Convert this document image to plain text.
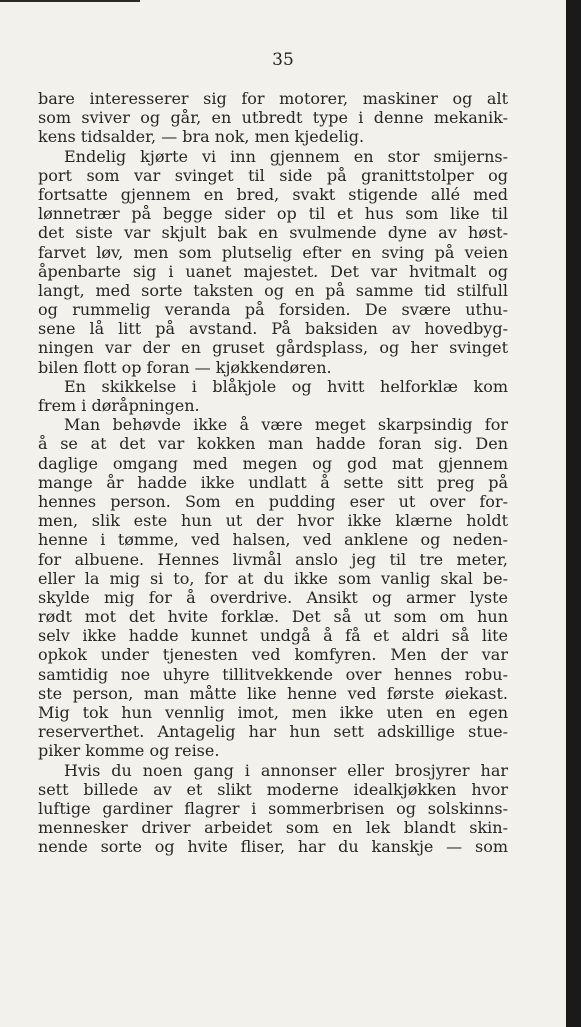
35
bare interesserer sig for motorer, maskiner og alt
som sviver og går, en utbredt type i denne mekanik-
kens tidsalder, — bra nok, men kjedelig.
Endelig kjørte vi inn gjennem en stor smijerns-
port som var svinget til side på granittstolper og
fortsatte gjennem en bred, svakt stigende allé med
lønnetrær på begge sider op til et hus som like til
det siste var skjult bak en svulmende dyne av høst-
farvet løv, men som plutselig efter en sving på veien
åpenbarte sig i uanet majestet. Det var hvitmalt og
langt, med sorte taksten og en på samme tid stilfull
og rummelig veranda på forsiden. De svære uthu-
sene lå litt på avstand. På baksiden av hovedbyg-
ningen var der en gruset gårdsplass, og her svinget
bilen flott op foran — kjøkkendøren.
En skikkelse i blåkjole og hvitt helforklæ kom
frem i døråpningen.
Man behøvde ikke å være meget skarpsindig for
å se at det var kokken man hadde foran sig. Den
daglige omgang med megen og god mat gjennem
mange år hadde ikke undlatt å sette sitt preg på
hennes person. Som en pudding eser ut over for-
men, slik este hun ut der hvor ikke klærne holdt
henne i tømme, ved halsen, ved anklene og neden-
for albuene. Hennes livmål anslo jeg til tre meter,
eller la mig si to, for at du ikke som vanlig skal be-
skylde mig for å overdrive. Ansikt og armer lyste
rødt mot det hvite forklæ. Det så ut som om hun
selv ikke hadde kunnet undgå å få et aldri så lite
opkok under tjenesten ved komfyren. Men der var
samtidig noe uhyre tillitvekkende over hennes robu-
ste person, man måtte like henne ved første øiekast.
Mig tok hun vennlig imot, men ikke uten en egen
reserverthet. Antagelig har hun sett adskillige stue-
piker komme og reise.
Hvis du noen gang i annonser eller brosjyrer har
sett billede av et slikt moderne idealkjøkken hvor
luftige gardiner flagrer i sommerbrisen og solskinns-
mennesker driver arbeidet som en lek blandt skin-
nende sorte og hvite fliser, har du kanskje — som
